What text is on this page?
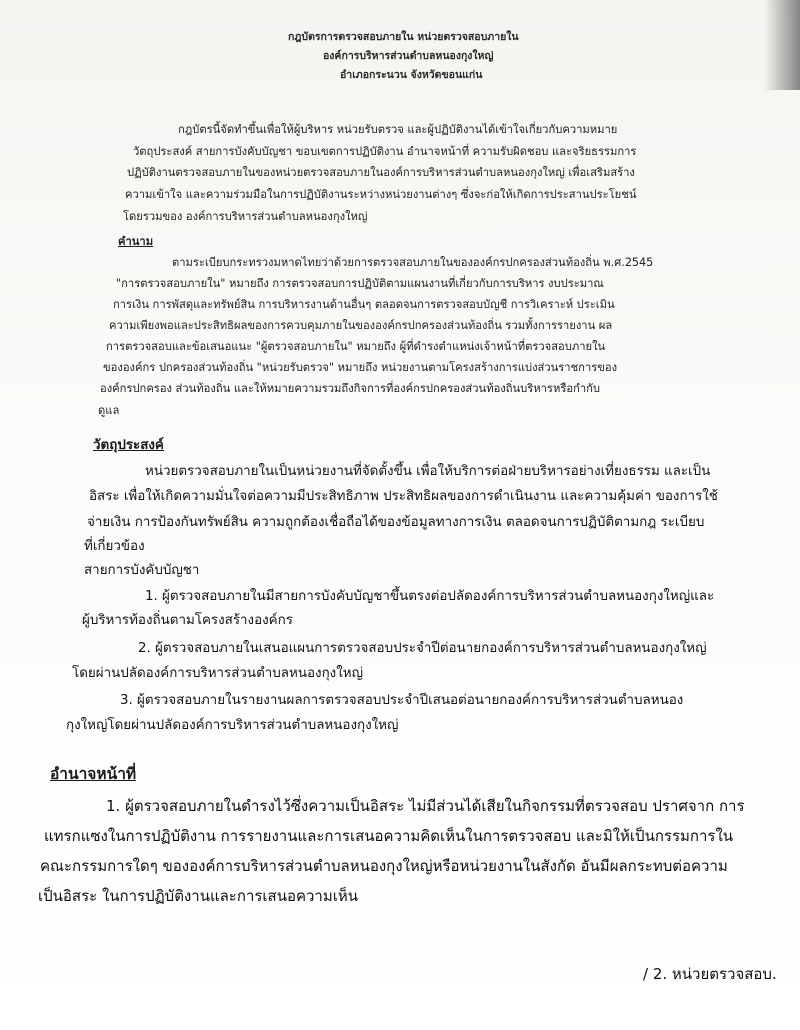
กฎบัตรการตรวจสอบภายใน หน่วยตรวจสอบภายใน
องค์การบริหารส่วนตำบลหนองกุงใหญ่
อำเภอกระนวน จังหวัดขอนแก่น
กฎบัตรนี้จัดทำขึ้นเพื่อให้ผู้บริหาร หน่วยรับตรวจ และผู้ปฏิบัติงานได้เข้าใจเกี่ยวกับความหมาย
วัตถุประสงค์ สายการบังคับบัญชา ขอบเขตการปฏิบัติงาน อำนาจหน้าที่ ความรับผิดชอบ และจริยธรรมการ
ปฏิบัติงานตรวจสอบภายในของหน่วยตรวจสอบภายในองค์การบริหารส่วนตำบลหนองกุงใหญ่ เพื่อเสริมสร้าง
ความเข้าใจ และความร่วมมือในการปฏิบัติงานระหว่างหน่วยงานต่างๆ ซึ่งจะก่อให้เกิดการประสานประโยชน์
โดยรวมของ องค์การบริหารส่วนตำบลหนองกุงใหญ่
คำนาม
ตามระเบียบกระทรวงมหาดไทยว่าด้วยการตรวจสอบภายในขององค์กรปกครองส่วนท้องถิ่น พ.ศ.2545
"การตรวจสอบภายใน" หมายถึง การตรวจสอบการปฏิบัติตามแผนงานที่เกี่ยวกับการบริหาร งบประมาณ
การเงิน การพัสดุและทรัพย์สิน การบริหารงานด้านอื่นๆ ตลอดจนการตรวจสอบบัญชี การวิเคราะห์ ประเมิน
ความเพียงพอและประสิทธิผลของการควบคุมภายในขององค์กรปกครองส่วนท้องถิ่น รวมทั้งการรายงาน ผล
การตรวจสอบและข้อเสนอแนะ "ผู้ตรวจสอบภายใน" หมายถึง ผู้ที่ดำรงตำแหน่งเจ้าหน้าที่ตรวจสอบภายใน
ขององค์กร ปกครองส่วนท้องถิ่น "หน่วยรับตรวจ" หมายถึง หน่วยงานตามโครงสร้างการแบ่งส่วนราชการของ
องค์กรปกครอง ส่วนท้องถิ่น และให้หมายความรวมถึงกิจการที่องค์กรปกครองส่วนท้องถิ่นบริหารหรือกำกับ
ดูแล
วัตถุประสงค์
หน่วยตรวจสอบภายในเป็นหน่วยงานที่จัดตั้งขึ้น เพื่อให้บริการต่อฝ่ายบริหารอย่างเที่ยงธรรม และเป็น
อิสระ เพื่อให้เกิดความมั่นใจต่อความมีประสิทธิภาพ ประสิทธิผลของการดำเนินงาน และความคุ้มค่า ของการใช้
จ่ายเงิน การป้องกันทรัพย์สิน ความถูกต้องเชื่อถือได้ของข้อมูลทางการเงิน ตลอดจนการปฏิบัติตามกฎ ระเบียบ
ที่เกี่ยวข้อง
สายการบังคับบัญชา
1. ผู้ตรวจสอบภายในมีสายการบังคับบัญชาขึ้นตรงต่อปลัดองค์การบริหารส่วนตำบลหนองกุงใหญ่และ
ผู้บริหารท้องถิ่นตามโครงสร้างองค์กร
2. ผู้ตรวจสอบภายในเสนอแผนการตรวจสอบประจำปีต่อนายกองค์การบริหารส่วนตำบลหนองกุงใหญ่
โดยผ่านปลัดองค์การบริหารส่วนตำบลหนองกุงใหญ่
3. ผู้ตรวจสอบภายในรายงานผลการตรวจสอบประจำปีเสนอต่อนายกองค์การบริหารส่วนตำบลหนอง
กุงใหญ่โดยผ่านปลัดองค์การบริหารส่วนตำบลหนองกุงใหญ่
อำนาจหน้าที่
1. ผู้ตรวจสอบภายในดำรงไว้ซึ่งความเป็นอิสระ ไม่มีส่วนได้เสียในกิจกรรมที่ตรวจสอบ ปราศจาก การ
แทรกแซงในการปฏิบัติงาน การรายงานและการเสนอความคิดเห็นในการตรวจสอบ และมิให้เป็นกรรมการใน
คณะกรรมการใดๆ ขององค์การบริหารส่วนตำบลหนองกุงใหญ่หรือหน่วยงานในสังกัด อันมีผลกระทบต่อความ
เป็นอิสระ ในการปฏิบัติงานและการเสนอความเห็น
/ 2. หน่วยตรวจสอบ.
